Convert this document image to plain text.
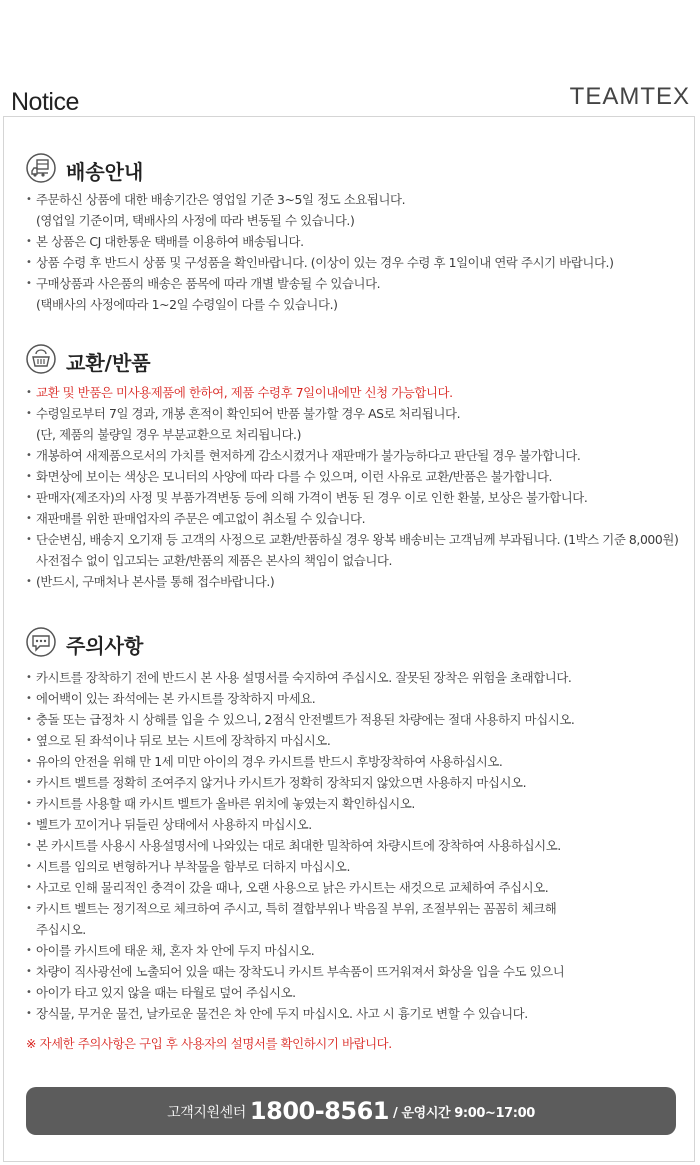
Notice	TEAMTEX
배송안내
• 주문하신 상품에 대한 배송기간은 영업일 기준 3~5일 정도 소요됩니다.
(영업일 기준이며, 택배사의 사정에 따라 변동될 수 있습니다.)
• 본 상품은 CJ 대한통운 택배를 이용하여 배송됩니다.
• 상품 수령 후 반드시 상품 및 구성품을 확인바랍니다. (이상이 있는 경우 수령 후 1일이내 연락 주시기 바랍니다.)
• 구매상품과 사은품의 배송은 품목에 따라 개별 발송될 수 있습니다.
(택배사의 사정에따라 1~2일 수령일이 다를 수 있습니다.)
교환/반품
• 교환 및 반품은 미사용제품에 한하여, 제품 수령후 7일이내에만 신청 가능합니다.
• 수령일로부터 7일 경과, 개봉 흔적이 확인되어 반품 불가할 경우 AS로 처리됩니다.
(단, 제품의 불량일 경우 부분교환으로 처리됩니다.)
• 개봉하여 새제품으로서의 가치를 현저하게 감소시켰거나 재판매가 불가능하다고 판단될 경우 불가합니다.
• 화면상에 보이는 색상은 모니터의 사양에 따라 다를 수 있으며, 이런 사유로 교환/반품은 불가합니다.
• 판매자(제조자)의 사정 및 부품가격변동 등에 의해 가격이 변동 된 경우 이로 인한 환불, 보상은 불가합니다.
• 재판매를 위한 판매업자의 주문은 예고없이 취소될 수 있습니다.
• 단순변심, 배송지 오기재 등 고객의 사정으로 교환/반품하실 경우 왕복 배송비는 고객님께 부과됩니다. (1박스 기준 8,000원)
사전접수 없이 입고되는 교환/반품의 제품은 본사의 책임이 없습니다.
• (반드시, 구매처나 본사를 통해 접수바랍니다.)
주의사항
• 카시트를 장착하기 전에 반드시 본 사용 설명서를 숙지하여 주십시오. 잘못된 장착은 위험을 초래합니다.
• 에어백이 있는 좌석에는 본 카시트를 장착하지 마세요.
• 충돌 또는 급정차 시 상해를 입을 수 있으니, 2점식 안전벨트가 적용된 차량에는 절대 사용하지 마십시오.
• 옆으로 된 좌석이나 뒤로 보는 시트에 장착하지 마십시오.
• 유아의 안전을 위해 만 1세 미만 아이의 경우 카시트를 반드시 후방장착하여 사용하십시오.
• 카시트 벨트를 정확히 조여주지 않거나 카시트가 정확히 장착되지 않았으면 사용하지 마십시오.
• 카시트를 사용할 때 카시트 벨트가 올바른 위치에 놓였는지 확인하십시오.
• 벨트가 꼬이거나 뒤들린 상태에서 사용하지 마십시오.
• 본 카시트를 사용시 사용설명서에 나와있는 대로 최대한 밀착하여 차량시트에 장착하여 사용하십시오.
• 시트를 임의로 변형하거나 부착물을 함부로 더하지 마십시오.
• 사고로 인해 물리적인 충격이 갔을 때나, 오랜 사용으로 낡은 카시트는 새것으로 교체하여 주십시오.
• 카시트 벨트는 정기적으로 체크하여 주시고, 특히 결합부위나 박음질 부위, 조절부위는 꼼꼼히 체크해
주십시오.
• 아이를 카시트에 태운 채, 혼자 차 안에 두지 마십시오.
• 차량이 직사광선에 노출되어 있을 때는 장착도니 카시트 부속품이 뜨거워져서 화상을 입을 수도 있으니
• 아이가 타고 있지 않을 때는 타월로 덮어 주십시오.
• 장식물, 무거운 물건, 날카로운 물건은 차 안에 두지 마십시오. 사고 시 흉기로 변할 수 있습니다.
※ 자세한 주의사항은 구입 후 사용자의 설명서를 확인하시기 바랍니다.
고객지원센터 1800-8561 / 운영시간 9:00~17:00
